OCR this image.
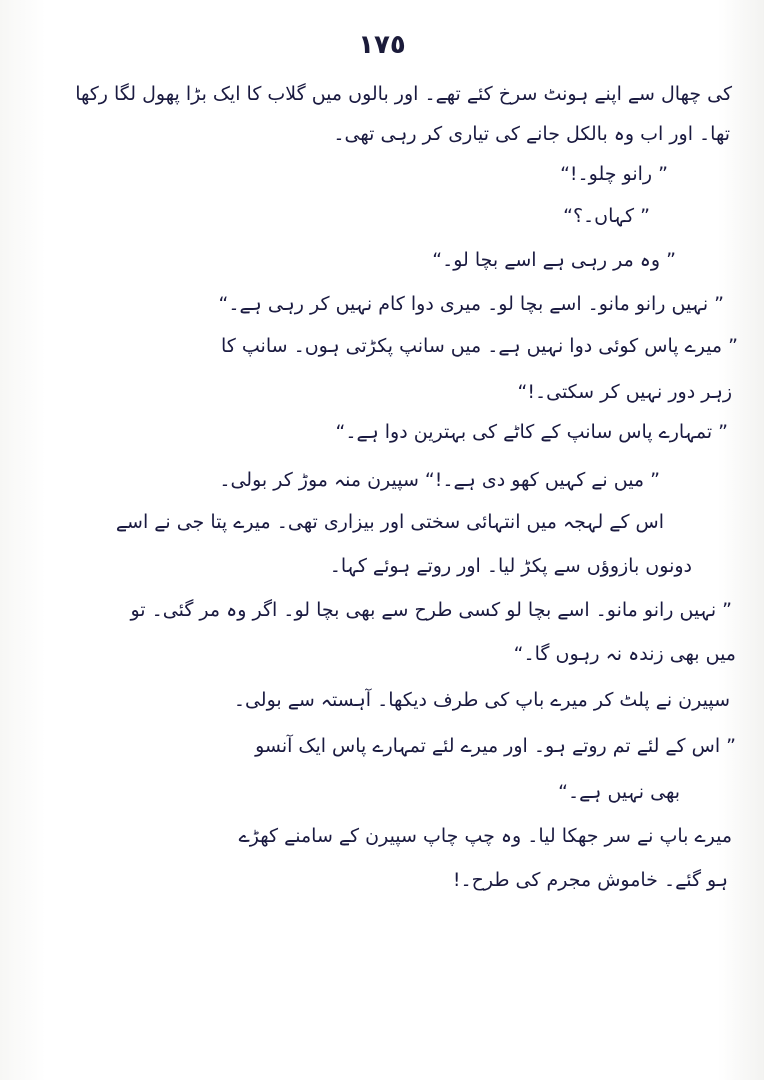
١٧٥
کی چھال سے اپنے ہونٹ سرخ کئے تھے۔ اور بالوں میں گلاب کا ایک بڑا پھول لگا رکھا
تھا۔ اور اب وہ بالکل جانے کی تیاری کر رہی تھی۔
” رانو چلو۔!“
” کہاں۔؟“
” وہ مر رہی ہے اسے بچا لو۔“
” نہیں رانو مانو۔ اسے بچا لو۔ میری دوا کام نہیں کر رہی ہے۔“
” میرے پاس کوئی دوا نہیں ہے۔ میں سانپ پکڑتی ہوں۔ سانپ کا
زہر دور نہیں کر سکتی۔!“
” تمہارے پاس سانپ کے کاٹے کی بہترین دوا ہے۔“
” میں نے کہیں کھو دی ہے۔!“ سپیرن منہ موڑ کر بولی۔
اس کے لہجہ میں انتہائی سختی اور بیزاری تھی۔ میرے پتا جی نے اسے
دونوں بازوؤں سے پکڑ لیا۔ اور روتے ہوئے کہا۔
” نہیں رانو مانو۔ اسے بچا لو کسی طرح سے بھی بچا لو۔ اگر وہ مر گئی۔ تو
میں بھی زندہ نہ رہوں گا۔“
سپیرن نے پلٹ کر میرے باپ کی طرف دیکھا۔ آہستہ سے بولی۔
” اس کے لئے تم روتے ہو۔ اور میرے لئے تمہارے پاس ایک آنسو
بھی نہیں ہے۔“
میرے باپ نے سر جھکا لیا۔ وہ چپ چاپ سپیرن کے سامنے کھڑے
ہو گئے۔ خاموش مجرم کی طرح۔!
